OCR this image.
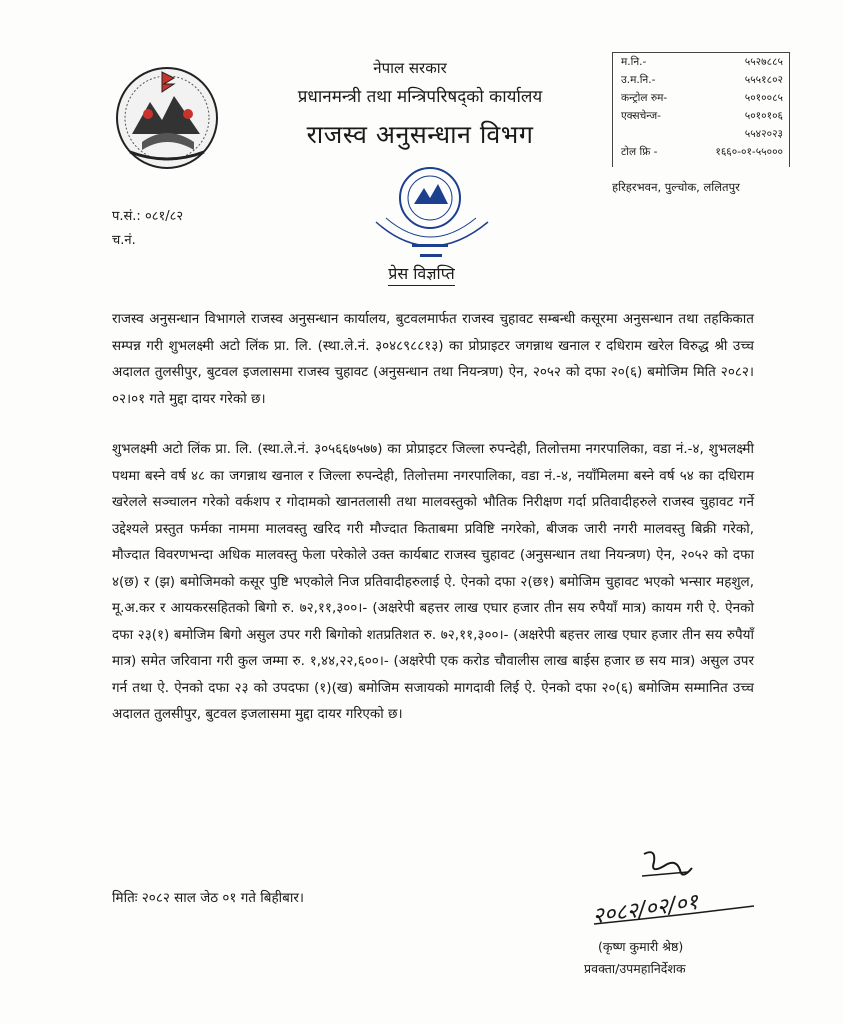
नेपाल सरकार
प्रधानमन्त्री तथा मन्त्रिपरिषद्को कार्यालय
राजस्व अनुसन्धान विभग
म.नि.-	५५२७८८५
उ.म.नि.-	५५५१८०२
कन्ट्रोल रुम-	५०१००८५
एक्सचेन्ज-	५०१०१०६
५५४२०२३
टोल फ्रि -	१६६०-०१-५५०००
हरिहरभवन, पुल्चोक, ललितपुर
प.सं.: ०८१/८२
च.नं.
प्रेस विज्ञप्ति

राजस्व अनुसन्धान विभागले राजस्व अनुसन्धान कार्यालय, बुटवलमार्फत राजस्व चुहावट सम्बन्धी कसूरमा अनुसन्धान तथा तहकिकात सम्पन्न गरी शुभलक्ष्मी अटो लिंक प्रा. लि. (स्था.ले.नं. ३०४८९८८१३) का प्रोप्राइटर जगन्नाथ खनाल र दधिराम खरेल विरुद्ध श्री उच्च अदालत तुलसीपुर, बुटवल इजलासमा राजस्व चुहावट (अनुसन्धान तथा नियन्त्रण) ऐन, २०५२ को दफा २०(६) बमोजिम मिति २०८२।०२।०१ गते मुद्दा दायर गरेको छ।

शुभलक्ष्मी अटो लिंक प्रा. लि. (स्था.ले.नं. ३०५६६७५७७) का प्रोप्राइटर जिल्ला रुपन्देही, तिलोत्तमा नगरपालिका, वडा नं.-४, शुभलक्ष्मी पथमा बस्ने वर्ष ४८ का जगन्नाथ खनाल र जिल्ला रुपन्देही, तिलोत्तमा नगरपालिका, वडा नं.-४, नयाँमिलमा बस्ने वर्ष ५४ का दधिराम खरेलले सञ्चालन गरेको वर्कशप र गोदामको खानतलासी तथा मालवस्तुको भौतिक निरीक्षण गर्दा प्रतिवादीहरुले राजस्व चुहावट गर्ने उद्देश्यले प्रस्तुत फर्मका नाममा मालवस्तु खरिद गरी मौज्दात किताबमा प्रविष्टि नगरेको, बीजक जारी नगरी मालवस्तु बिक्री गरेको, मौज्दात विवरणभन्दा अधिक मालवस्तु फेला परेकोले उक्त कार्यबाट राजस्व चुहावट (अनुसन्धान तथा नियन्त्रण) ऐन, २०५२ को दफा ४(छ) र (झ) बमोजिमको कसूर पुष्टि भएकोले निज प्रतिवादीहरुलाई ऐ. ऐनको दफा २(छ१) बमोजिम चुहावट भएको भन्सार महशुल, मू.अ.कर र आयकरसहितको बिगो रु. ७२,११,३००।- (अक्षरेपी बहत्तर लाख एघार हजार तीन सय रुपैयाँ मात्र) कायम गरी ऐ. ऐनको दफा २३(१) बमोजिम बिगो असुल उपर गरी बिगोको शतप्रतिशत रु. ७२,११,३००।- (अक्षरेपी बहत्तर लाख एघार हजार तीन सय रुपैयाँ मात्र) समेत जरिवाना गरी कुल जम्मा रु. १,४४,२२,६००।- (अक्षरेपी एक करोड चौवालीस लाख बाईस हजार छ सय मात्र) असुल उपर गर्न तथा ऐ. ऐनको दफा २३ को उपदफा (१)(ख) बमोजिम सजायको मागदावी लिई ऐ. ऐनको दफा २०(६) बमोजिम सम्मानित उच्च अदालत तुलसीपुर, बुटवल इजलासमा मुद्दा दायर गरिएको छ।

मितिः २०८२ साल जेठ ०१ गते बिहीबार।	२०८२/०२/०१
(कृष्ण कुमारी श्रेष्ठ)
प्रवक्ता/उपमहानिर्देशक
